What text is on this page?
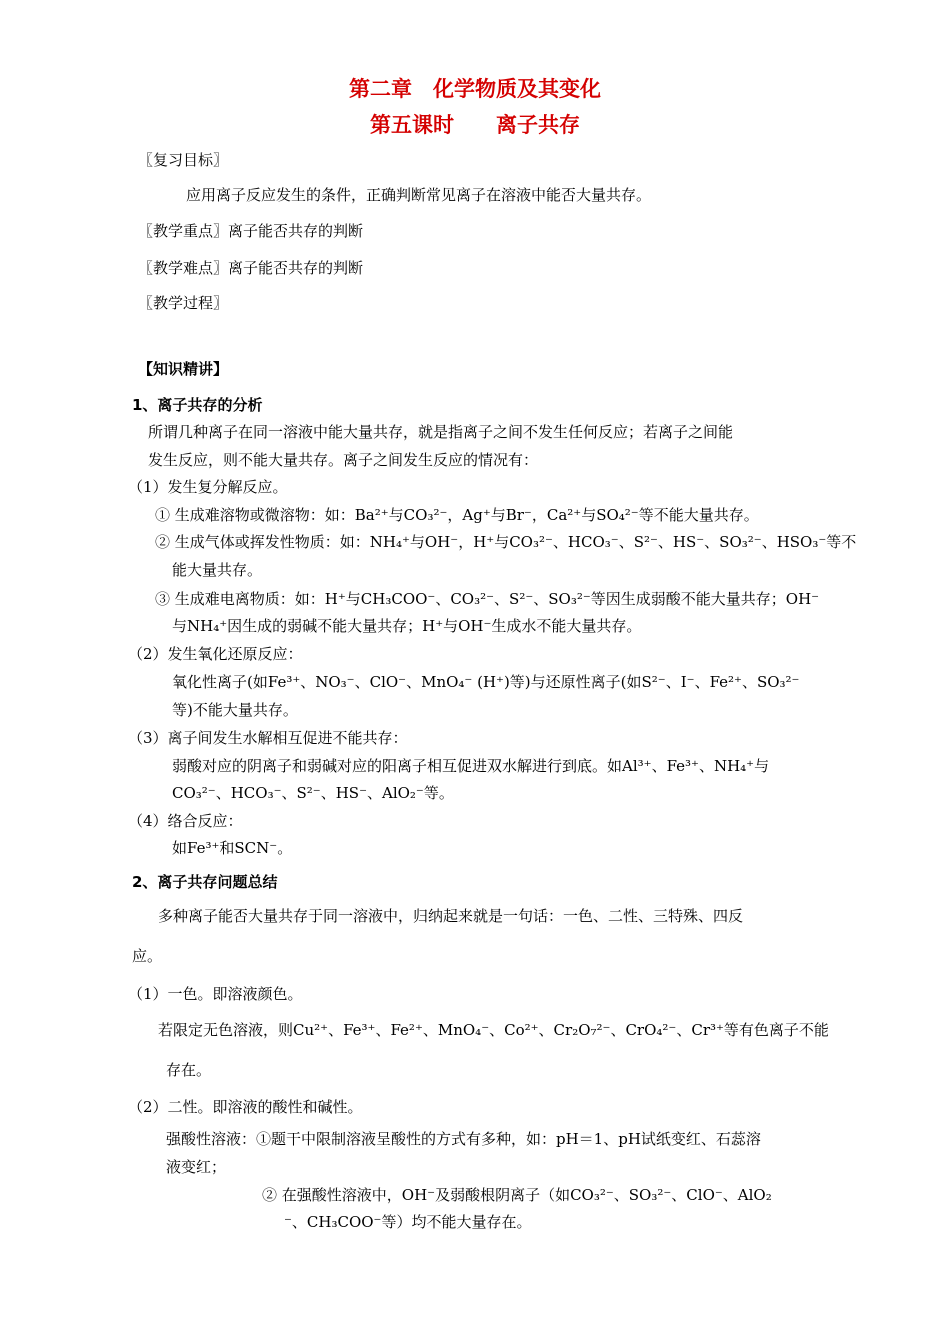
第二章　化学物质及其变化
第五课时　　离子共存
〖复习目标〗
应用离子反应发生的条件，正确判断常见离子在溶液中能否大量共存。
〖教学重点〗离子能否共存的判断
〖教学难点〗离子能否共存的判断
〖教学过程〗
【知识精讲】
1、离子共存的分析
所谓几种离子在同一溶液中能大量共存，就是指离子之间不发生任何反应；若离子之间能
发生反应，则不能大量共存。离子之间发生反应的情况有：
（1）发生复分解反应。
① 生成难溶物或微溶物：如：Ba²⁺与CO₃²⁻，Ag⁺与Br⁻，Ca²⁺与SO₄²⁻等不能大量共存。
② 生成气体或挥发性物质：如：NH₄⁺与OH⁻，H⁺与CO₃²⁻、HCO₃⁻、S²⁻、HS⁻、SO₃²⁻、HSO₃⁻等不
能大量共存。
③ 生成难电离物质：如：H⁺与CH₃COO⁻、CO₃²⁻、S²⁻、SO₃²⁻等因生成弱酸不能大量共存；OH⁻
与NH₄⁺因生成的弱碱不能大量共存；H⁺与OH⁻生成水不能大量共存。
（2）发生氧化还原反应：
氧化性离子(如Fe³⁺、NO₃⁻、ClO⁻、MnO₄⁻ (H⁺)等)与还原性离子(如S²⁻、I⁻、Fe²⁺、SO₃²⁻
等)不能大量共存。
（3）离子间发生水解相互促进不能共存：
弱酸对应的阴离子和弱碱对应的阳离子相互促进双水解进行到底。如Al³⁺、Fe³⁺、NH₄⁺与
CO₃²⁻、HCO₃⁻、S²⁻、HS⁻、AlO₂⁻等。
（4）络合反应：
如Fe³⁺和SCN⁻。
2、离子共存问题总结
多种离子能否大量共存于同一溶液中，归纳起来就是一句话：一色、二性、三特殊、四反
应。
（1）一色。即溶液颜色。
若限定无色溶液，则Cu²⁺、Fe³⁺、Fe²⁺、MnO₄⁻、Co²⁺、Cr₂O₇²⁻、CrO₄²⁻、Cr³⁺等有色离子不能
存在。
（2）二性。即溶液的酸性和碱性。
强酸性溶液：①题干中限制溶液呈酸性的方式有多种，如：pH＝1、pH试纸变红、石蕊溶
液变红；
② 在强酸性溶液中，OH⁻及弱酸根阴离子（如CO₃²⁻、SO₃²⁻、ClO⁻、AlO₂
⁻、CH₃COO⁻等）均不能大量存在。
